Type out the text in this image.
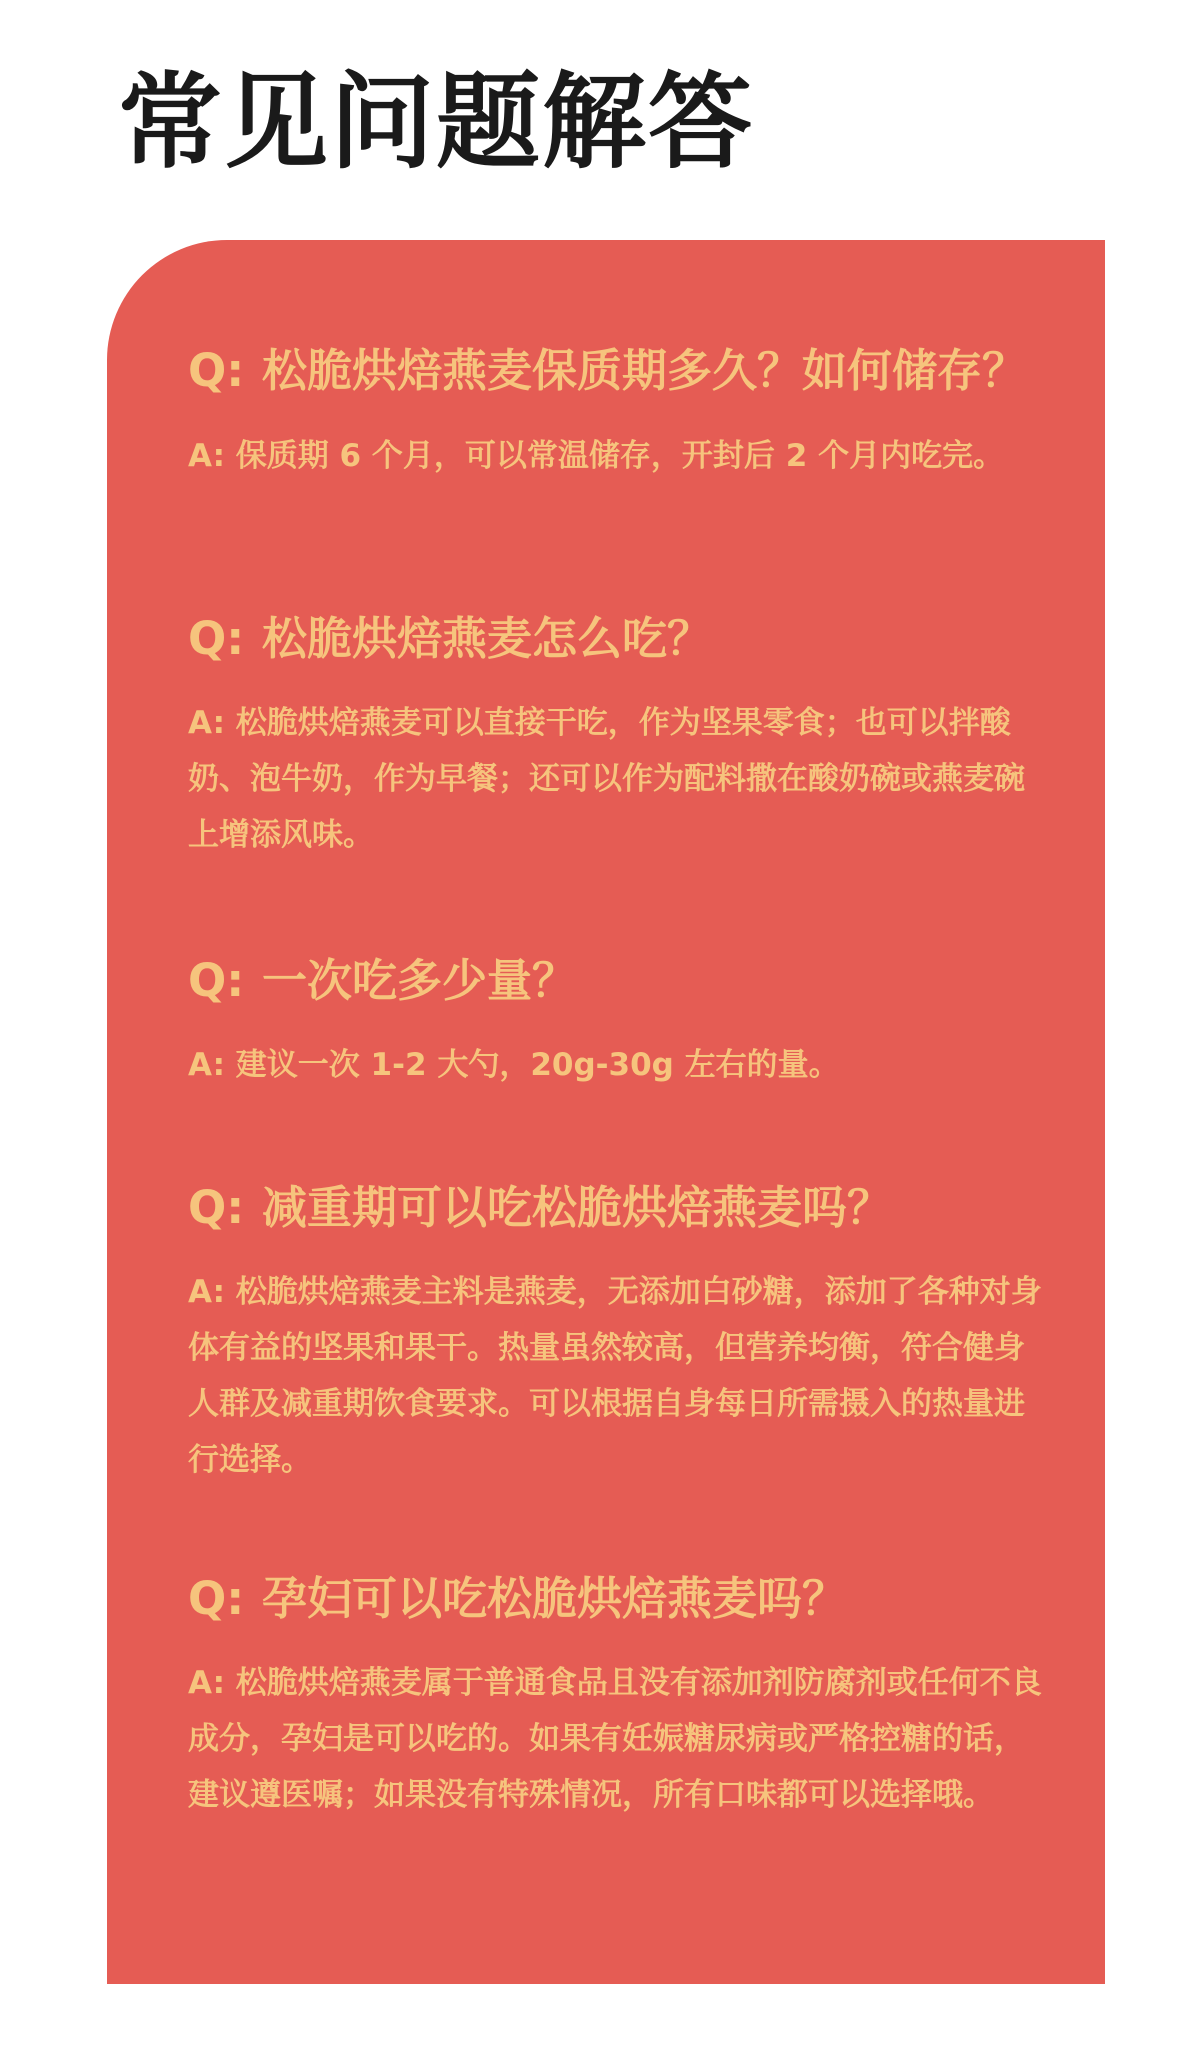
常见问题解答
Q: 松脆烘焙燕麦保质期多久？如何储存？

A: 保质期 6 个月，可以常温储存，开封后 2 个月内吃完。

Q: 松脆烘焙燕麦怎么吃？

A: 松脆烘焙燕麦可以直接干吃，作为坚果零食；也可以拌酸奶、泡牛奶，作为早餐；还可以作为配料撒在酸奶碗或燕麦碗上增添风味。

Q: 一次吃多少量？

A: 建议一次 1-2 大勺，20g-30g 左右的量。

Q: 减重期可以吃松脆烘焙燕麦吗？

A: 松脆烘焙燕麦主料是燕麦，无添加白砂糖，添加了各种对身体有益的坚果和果干。热量虽然较高，但营养均衡，符合健身人群及减重期饮食要求。可以根据自身每日所需摄入的热量进行选择。

Q: 孕妇可以吃松脆烘焙燕麦吗？

A: 松脆烘焙燕麦属于普通食品且没有添加剂防腐剂或任何不良成分，孕妇是可以吃的。如果有妊娠糖尿病或严格控糖的话，建议遵医嘱；如果没有特殊情况，所有口味都可以选择哦。
